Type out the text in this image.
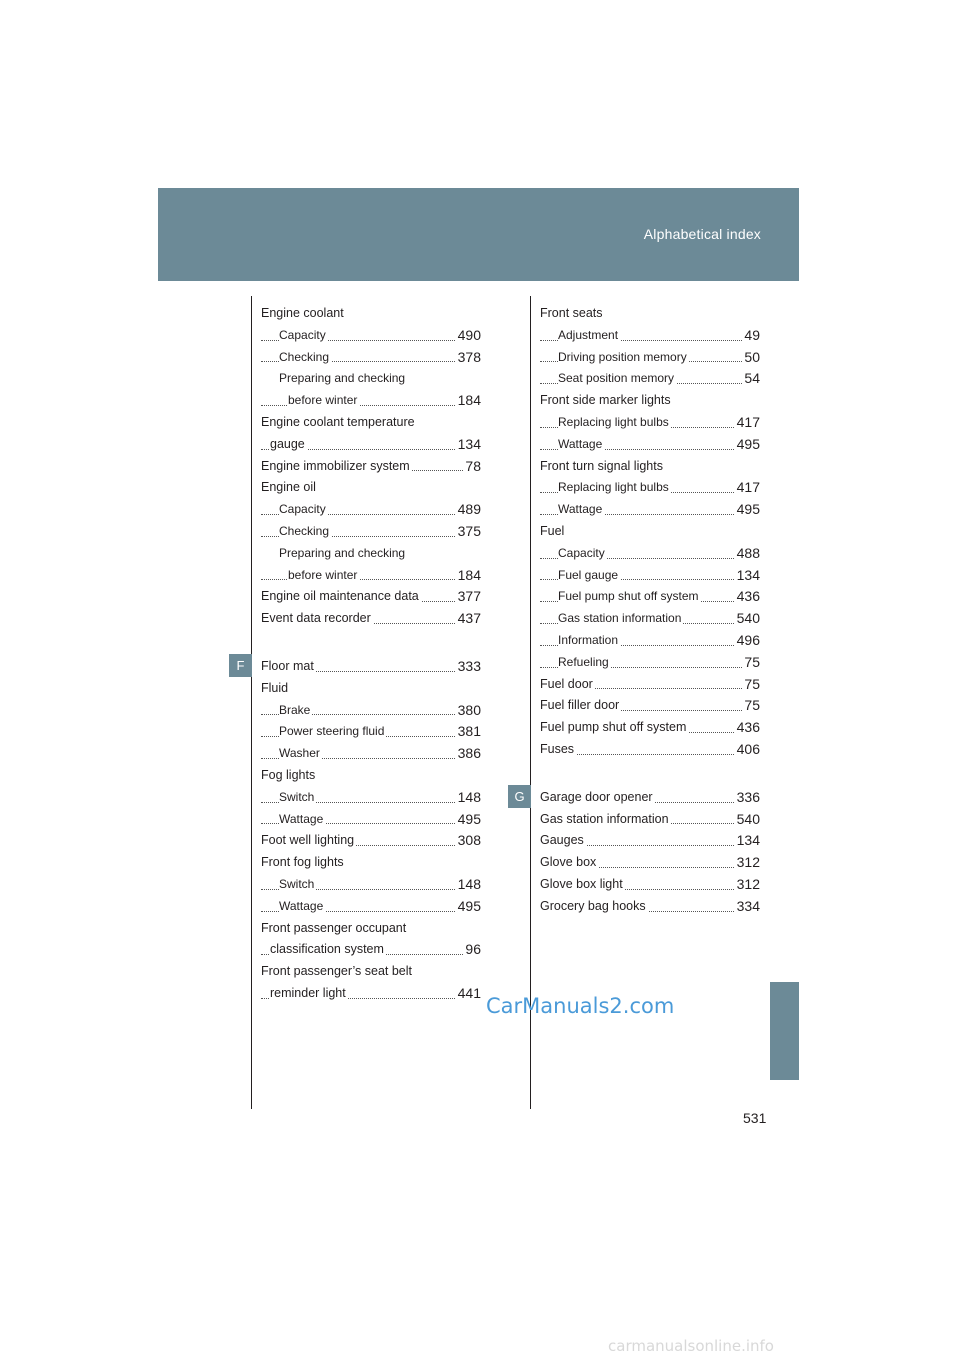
Alphabetical index
F
G
Engine coolant
Capacity	490
Checking	378
Preparing and checking
before winter	184
Engine coolant temperature
gauge	134
Engine immobilizer system	78
Engine oil
Capacity	489
Checking	375
Preparing and checking
before winter	184
Engine oil maintenance data	377
Event data recorder	437
Floor mat	333
Fluid
Brake	380
Power steering fluid	381
Washer	386
Fog lights
Switch	148
Wattage	495
Foot well lighting	308
Front fog lights
Switch	148
Wattage	495
Front passenger occupant
classification system	96
Front passenger’s seat belt
reminder light	441
Front seats
Adjustment	49
Driving position memory	50
Seat position memory	54
Front side marker lights
Replacing light bulbs	417
Wattage	495
Front turn signal lights
Replacing light bulbs	417
Wattage	495
Fuel
Capacity	488
Fuel gauge	134
Fuel pump shut off system	436
Gas station information	540
Information	496
Refueling	75
Fuel door	75
Fuel filler door	75
Fuel pump shut off system	436
Fuses	406
Garage door opener	336
Gas station information	540
Gauges	134
Glove box	312
Glove box light	312
Grocery bag hooks	334
CarManuals2.com
531
carmanualsonline.info
